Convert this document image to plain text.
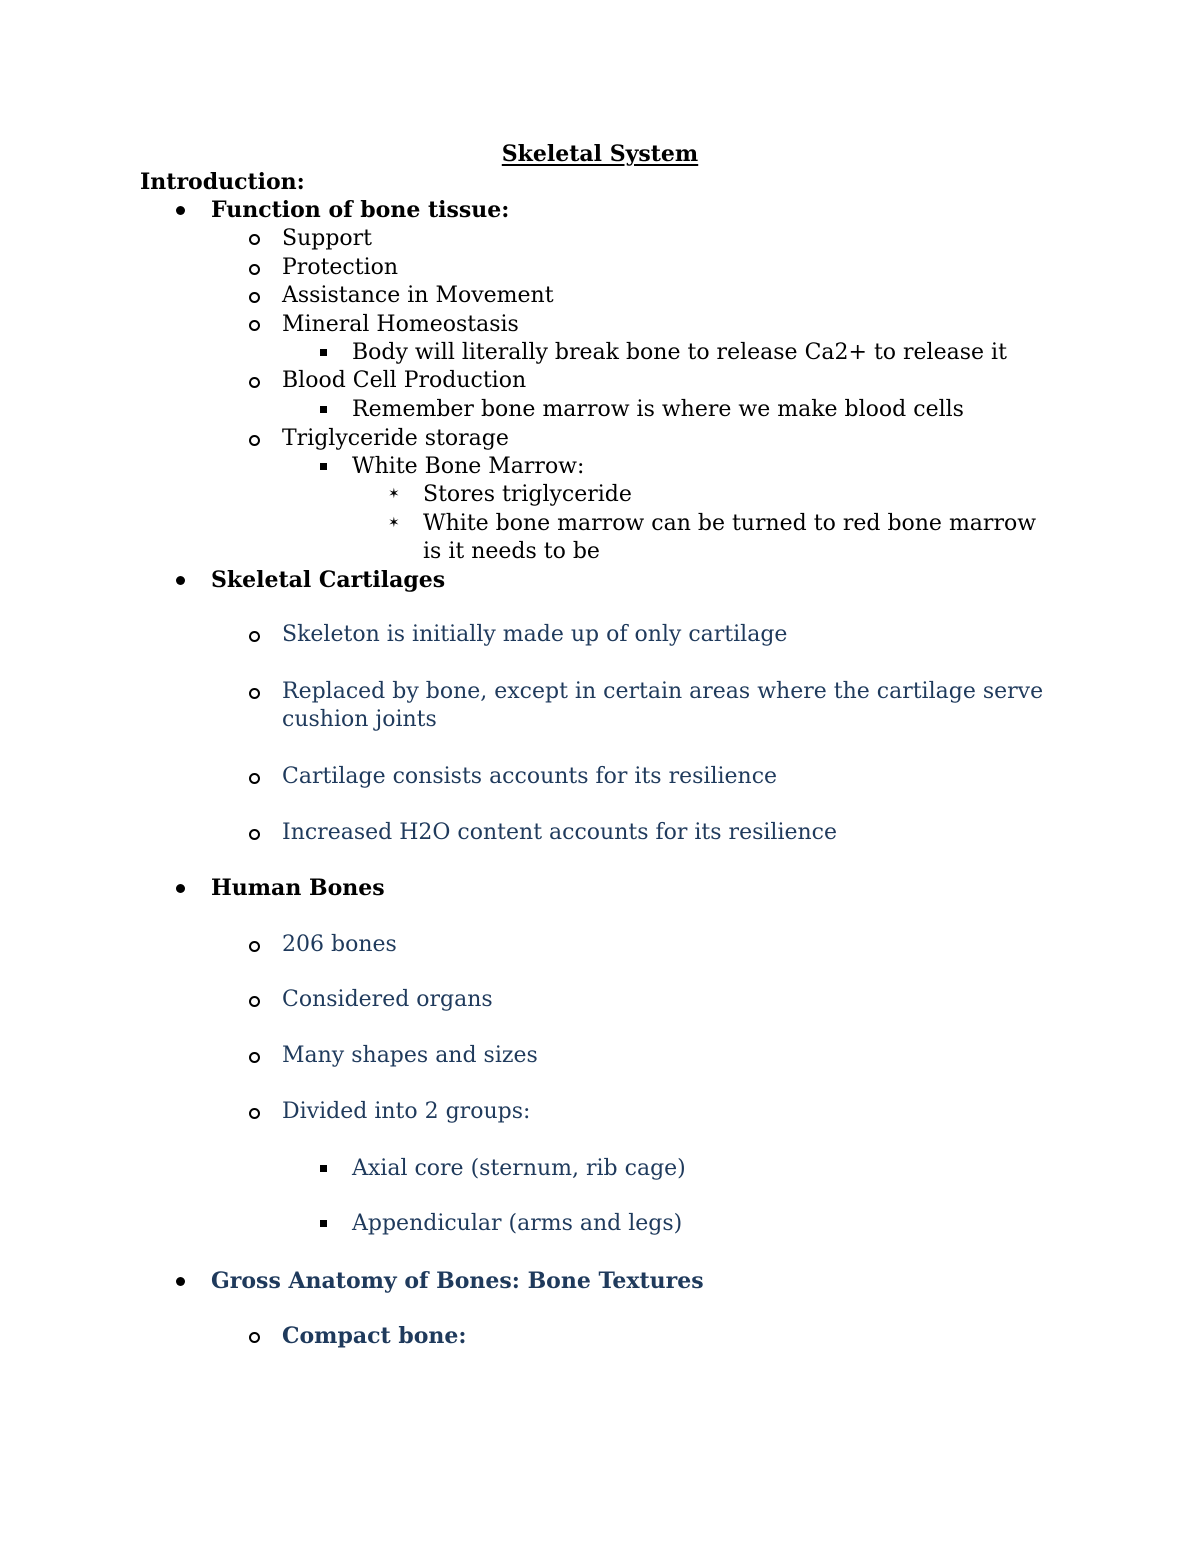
Skeletal System
Introduction:
Function of bone tissue:
Support
Protection
Assistance in Movement
Mineral Homeostasis
Body will literally break bone to release Ca2+ to release it
Blood Cell Production
Remember bone marrow is where we make blood cells
Triglyceride storage
White Bone Marrow:
✶ Stores triglyceride
✶ White bone marrow can be turned to red bone marrow
is it needs to be
Skeletal Cartilages
Skeleton is initially made up of only cartilage
Replaced by bone, except in certain areas where the cartilage serve
cushion joints
Cartilage consists accounts for its resilience
Increased H2O content accounts for its resilience
Human Bones
206 bones
Considered organs
Many shapes and sizes
Divided into 2 groups:
Axial core (sternum, rib cage)
Appendicular (arms and legs)
Gross Anatomy of Bones: Bone Textures
Compact bone:
